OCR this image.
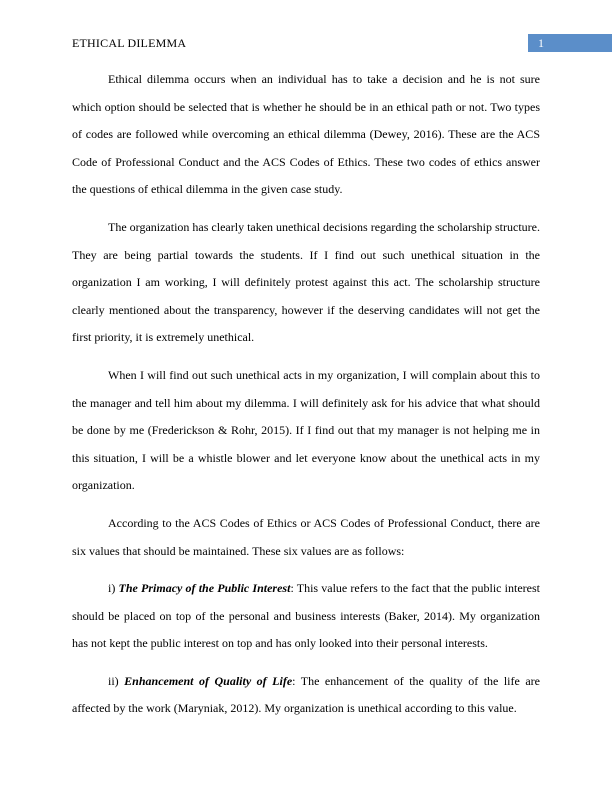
ETHICAL DILEMMA	1

Ethical dilemma occurs when an individual has to take a decision and he is not sure which option should be selected that is whether he should be in an ethical path or not. Two types of codes are followed while overcoming an ethical dilemma (Dewey, 2016). These are the ACS Code of Professional Conduct and the ACS Codes of Ethics. These two codes of ethics answer the questions of ethical dilemma in the given case study.

The organization has clearly taken unethical decisions regarding the scholarship structure. They are being partial towards the students. If I find out such unethical situation in the organization I am working, I will definitely protest against this act. The scholarship structure clearly mentioned about the transparency, however if the deserving candidates will not get the first priority, it is extremely unethical.

When I will find out such unethical acts in my organization, I will complain about this to the manager and tell him about my dilemma. I will definitely ask for his advice that what should be done by me (Frederickson & Rohr, 2015). If I find out that my manager is not helping me in this situation, I will be a whistle blower and let everyone know about the unethical acts in my organization.

According to the ACS Codes of Ethics or ACS Codes of Professional Conduct, there are six values that should be maintained. These six values are as follows:

i) The Primacy of the Public Interest: This value refers to the fact that the public interest should be placed on top of the personal and business interests (Baker, 2014). My organization has not kept the public interest on top and has only looked into their personal interests.

ii) Enhancement of Quality of Life: The enhancement of the quality of the life are affected by the work (Maryniak, 2012). My organization is unethical according to this value.
